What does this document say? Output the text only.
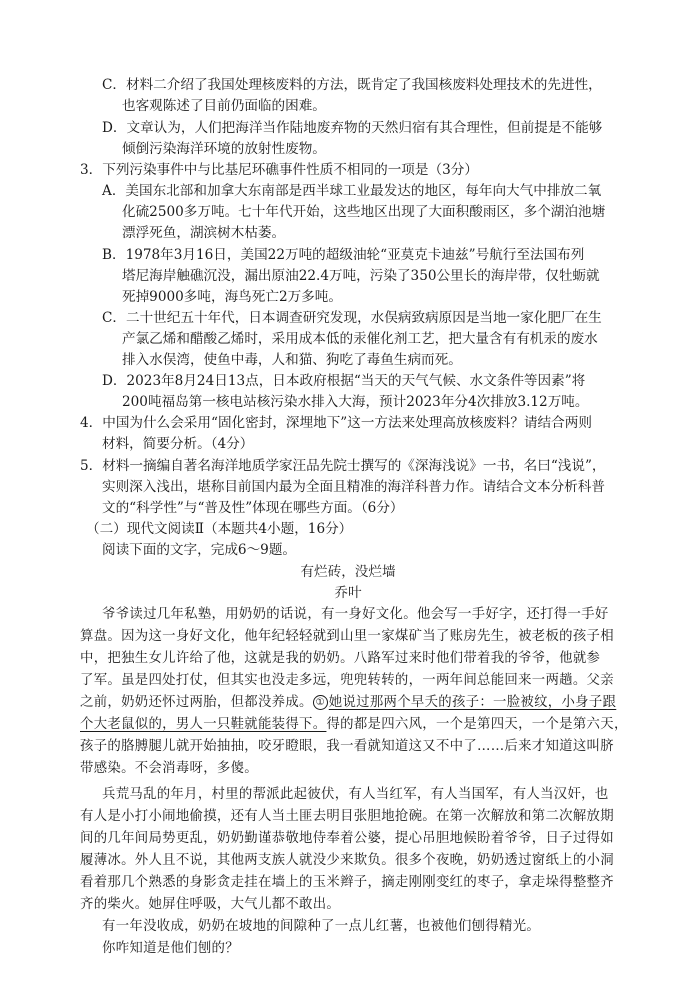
C．材料二介绍了我国处理核废料的方法，既肯定了我国核废料处理技术的先进性，
也客观陈述了目前仍面临的困难。
D．文章认为，人们把海洋当作陆地废弃物的天然归宿有其合理性，但前提是不能够
倾倒污染海洋环境的放射性废物。
3．下列污染事件中与比基尼环礁事件性质不相同的一项是（3分）
A．美国东北部和加拿大东南部是西半球工业最发达的地区，每年向大气中排放二氧
化硫2500多万吨。七十年代开始，这些地区出现了大面积酸雨区，多个湖泊池塘
漂浮死鱼，湖滨树木枯萎。
B．1978年3月16日，美国22万吨的超级油轮“亚莫克卡迪兹”号航行至法国布列
塔尼海岸触礁沉没，漏出原油22.4万吨，污染了350公里长的海岸带，仅牡蛎就
死掉9000多吨，海鸟死亡2万多吨。
C．二十世纪五十年代，日本调查研究发现，水俣病致病原因是当地一家化肥厂在生
产氯乙烯和醋酸乙烯时，采用成本低的汞催化剂工艺，把大量含有有机汞的废水
排入水俣湾，使鱼中毒，人和猫、狗吃了毒鱼生病而死。
D．2023年8月24日13点，日本政府根据“当天的天气气候、水文条件等因素”将
200吨福岛第一核电站核污染水排入大海，预计2023年分4次排放3.12万吨。
4．中国为什么会采用“固化密封，深埋地下”这一方法来处理高放核废料？请结合两则
材料，简要分析。（4分）
5．材料一摘编自著名海洋地质学家汪品先院士撰写的《深海浅说》一书，名曰“浅说”，
实则深入浅出，堪称目前国内最为全面且精准的海洋科普力作。请结合文本分析科普
文的“科学性”与“普及性”体现在哪些方面。（6分）
（二）现代文阅读Ⅱ（本题共4小题，16分）
阅读下面的文字，完成6～9题。
有烂砖，没烂墙
乔叶
爷爷读过几年私塾，用奶奶的话说，有一身好文化。他会写一手好字，还打得一手好
算盘。因为这一身好文化，他年纪轻轻就到山里一家煤矿当了账房先生，被老板的孩子相
中，把独生女儿许给了他，这就是我的奶奶。八路军过来时他们带着我的爷爷，他就参
了军。虽是四处打仗，但其实也没走多远，兜兜转转的，一两年间总能回来一两趟。父亲
之前，奶奶还怀过两胎，但都没养成。 ① 她说过那两个早夭的孩子：一脸被纹，小身子跟
个大老鼠似的，男人一只鞋就能装得下。得的都是四六风，一个是第四天，一个是第六天，
孩子的胳膊腿儿就开始抽抽，咬牙瞪眼，我一看就知道这又不中了……后来才知道这叫脐
带感染。不会消毒呀，多傻。
兵荒马乱的年月，村里的帮派此起彼伏，有人当红军，有人当国军，有人当汉奸，也
有人是小打小闹地偷摸，还有人当土匪去明目张胆地抢碗。在第一次解放和第二次解放期
间的几年间局势更乱，奶奶勤谨恭敬地侍奉着公婆，提心吊胆地候盼着爷爷，日子过得如
履薄冰。外人且不说，其他两支族人就没少来欺负。很多个夜晚，奶奶透过窗纸上的小洞
看着那几个熟悉的身影贪走挂在墙上的玉米辫子，摘走刚刚变红的枣子，拿走垛得整整齐
齐的柴火。她屏住呼吸，大气儿都不敢出。
有一年没收成，奶奶在坡地的间隙种了一点儿红薯，也被他们刨得精光。
你咋知道是他们刨的？
